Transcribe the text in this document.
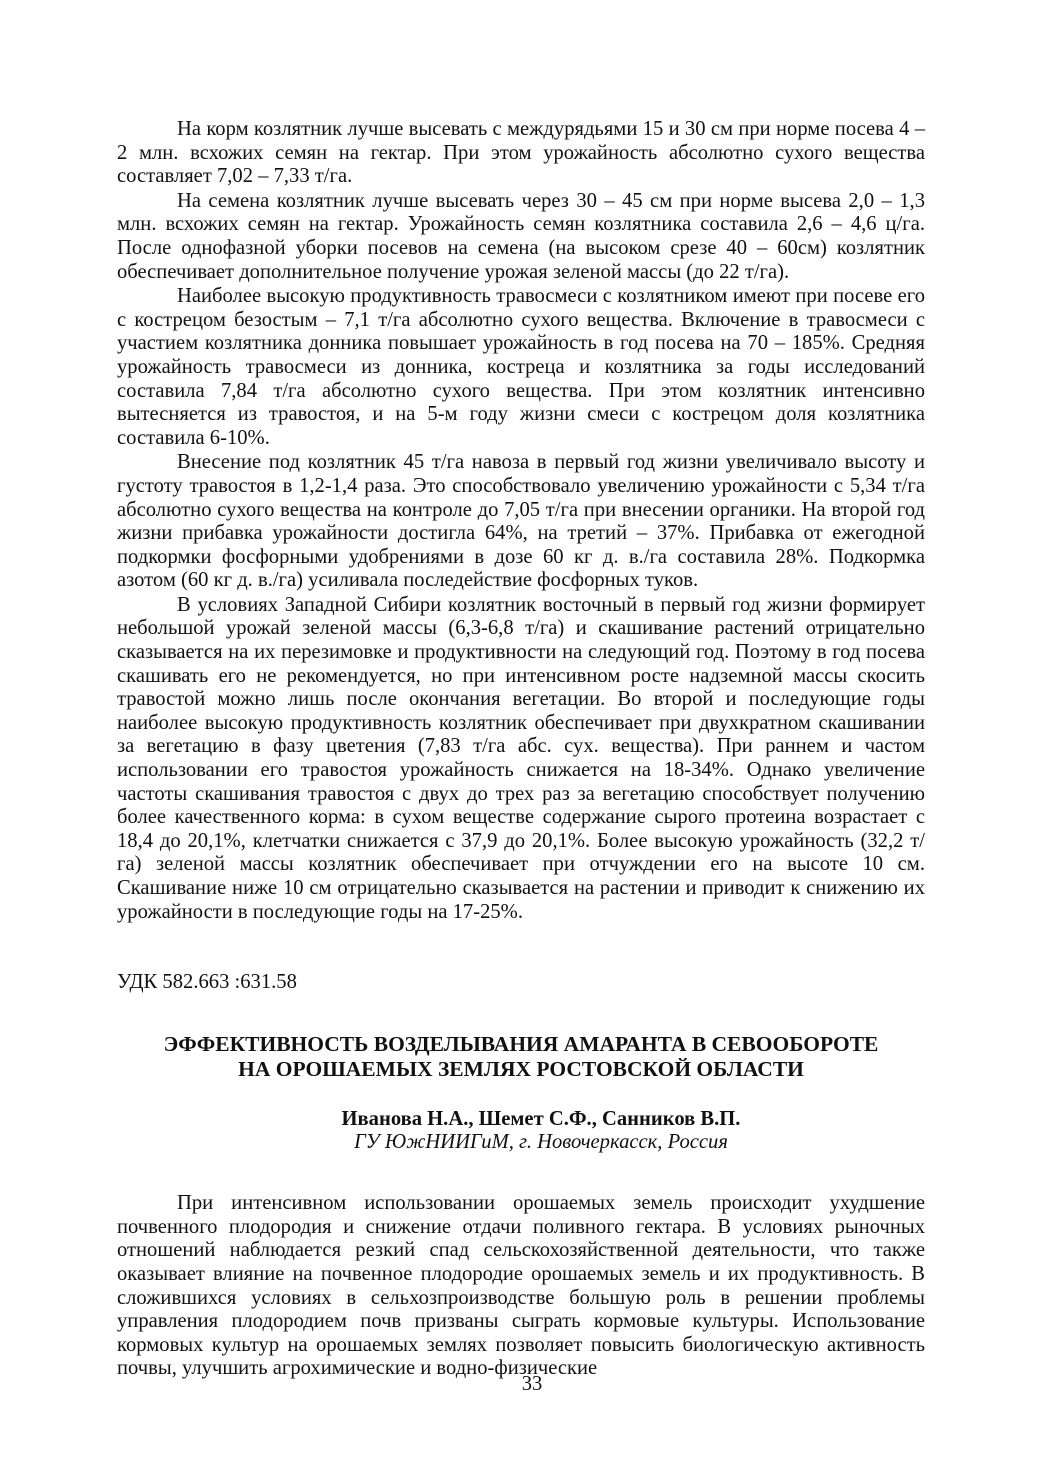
На корм козлятник лучше высевать с междурядьями 15 и 30 см при норме посева 4 – 2 млн. всхожих семян на гектар. При этом урожайность абсолютно сухого вещества составляет 7,02 – 7,33 т/га.

На семена козлятник лучше высевать через 30 – 45 см при норме высева 2,0 – 1,3 млн. всхожих семян на гектар. Урожайность семян козлятника составила 2,6 – 4,6 ц/га. После однофазной уборки посевов на семена (на высоком срезе 40 – 60см) козлятник обеспечивает дополнительное получение урожая зеленой массы (до 22 т/га).

Наиболее высокую продуктивность травосмеси с козлятником имеют при посеве его с кострецом безостым – 7,1 т/га абсолютно сухого вещества. Включение в травосмеси с участием козлятника донника повышает урожайность в год посева на 70 – 185%. Средняя урожайность травосмеси из донника, костреца и козлятника за годы исследований составила 7,84 т/га абсолютно сухого вещества. При этом козлятник интенсивно вытесняется из травостоя, и на 5-м году жизни смеси с кострецом доля козлятника составила 6-10%.

Внесение под козлятник 45 т/га навоза в первый год жизни увеличивало высоту и густоту травостоя в 1,2-1,4 раза. Это способствовало увеличению урожайности с 5,34 т/га абсолютно сухого вещества на контроле до 7,05 т/га при внесении органики. На второй год жизни прибавка урожайности достигла 64%, на третий – 37%. Прибавка от ежегодной подкормки фосфорными удобрениями в дозе 60 кг д. в./га составила 28%. Подкормка азотом (60 кг д. в./га) усиливала последействие фосфорных туков.

В условиях Западной Сибири козлятник восточный в первый год жизни формирует небольшой урожай зеленой массы (6,3-6,8 т/га) и скашивание растений отрицательно сказывается на их перезимовке и продуктивности на следующий год. Поэтому в год посева скашивать его не рекомендуется, но при интенсивном росте надземной массы скосить травостой можно лишь после окончания вегетации. Во второй и последующие годы наиболее высокую продуктивность козлятник обеспечивает при двухкратном скашивании за вегетацию в фазу цветения (7,83 т/га абс. сух. вещества). При раннем и частом использовании его травостоя урожайность снижается на 18-34%. Однако увеличение частоты скашивания травостоя с двух до трех раз за вегетацию способствует получению более качественного корма: в сухом веществе содержание сырого протеина возрастает с 18,4 до 20,1%, клетчатки снижается с 37,9 до 20,1%. Более высокую урожайность (32,2 т/га) зеленой массы козлятник обеспечивает при отчуждении его на высоте 10 см. Скашивание ниже 10 см отрицательно сказывается на растении и приводит к снижению их урожайности в последующие годы на 17-25%.

УДК 582.663 :631.58
ЭФФЕКТИВНОСТЬ ВОЗДЕЛЫВАНИЯ АМАРАНТА В СЕВООБОРОТЕ
НА ОРОШАЕМЫХ ЗЕМЛЯХ РОСТОВСКОЙ ОБЛАСТИ
Иванова Н.А., Шемет С.Ф., Санников В.П.
ГУ ЮжНИИГиМ, г. Новочеркасск, Россия

При интенсивном использовании орошаемых земель происходит ухудшение почвенного плодородия и снижение отдачи поливного гектара. В условиях рыночных отношений наблюдается резкий спад сельскохозяйственной деятельности, что также оказывает влияние на почвенное плодородие орошаемых земель и их продуктивность. В сложившихся условиях в сельхозпроизводстве большую роль в решении проблемы управления плодородием почв призваны сыграть кормовые культуры. Использование кормовых культур на орошаемых землях позволяет повысить биологическую активность почвы, улучшить агрохимические и водно-физические

33
